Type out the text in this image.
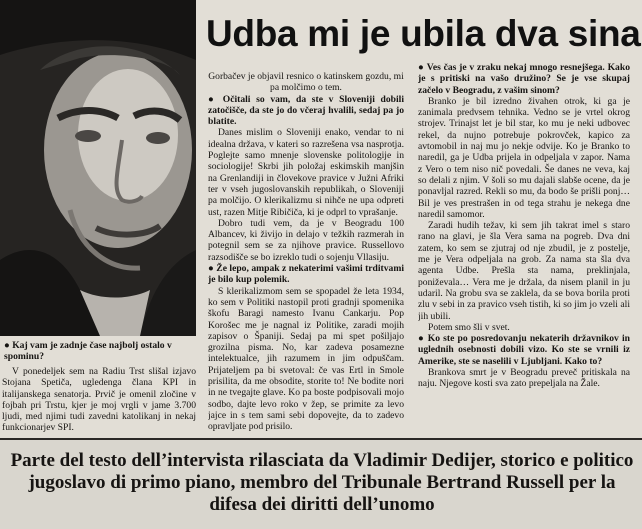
Udba mi je ubila dva sina

Gorbačev je objavil resnico o katinskem gozdu, mi pa molčimo o tem.

● Očitali so vam, da ste v Sloveniji dobili zatočišče, da ste jo do včeraj hvalili, sedaj pa jo blatite.

Danes mislim o Sloveniji enako, vendar to ni idealna država, v kateri so razrešena vsa nasprotja. Poglejte samo mnenje slovenske politologije in sociologije! Skrbi jih položaj eskimskih manjšin na Grenlandiji in človekove pravice v Južni Afriki ter v vseh jugoslovanskih republikah, o Sloveniji pa molčijo. O klerikalizmu si nihče ne upa odpreti ust, razen Mitje Ribičiča, ki je odprl to vprašanje.

Dobro tudi vem, da je v Beogradu 100 Albancev, ki živijo in delajo v težkih razmerah in potegnil sem se za njihove pravice. Russellovo razsodišče se bo izreklo tudi o sojenju Vllasiju.

● Že lepo, ampak z nekaterimi vašimi trditvami je bilo kup polemik.

S klerikalizmom sem se spopadel že leta 1934, ko sem v Politiki nastopil proti gradnji spomenika škofu Baragi namesto Ivanu Cankarju. Pop Korošec me je nagnal iz Politike, zaradi mojih zapisov o Španiji. Sedaj pa mi spet pošiljajo grozilna pisma. No, kar zadeva posamezne intelektualce, jih razumem in jim odpuščam. Prijateljem pa bi svetoval: če vas Ertl in Smole prisilita, da me obsodite, storite to! Ne bodite nori in ne tvegajte glave. Ko pa boste podpisovali mojo sodbo, dajte levo roko v žep, se primite za levo jajce in s tem sami sebi dopovejte, da to zadevo opravljate pod prisilo.

● Ves čas je v zraku nekaj mnogo resnejšega. Kako je s pritiski na vašo družino? Se je vse skupaj začelo v Beogradu, z vašim sinom?

Branko je bil izredno živahen otrok, ki ga je zanimala predvsem tehnika. Vedno se je vrtel okrog strojev. Trinajst let je bil star, ko mu je neki udbovec rekel, da nujno potrebuje pokrovček, kapico za avtomobil in naj mu jo nekje odvije. Ko je Branko to naredil, ga je Udba prijela in odpeljala v zapor. Nama z Vero o tem niso nič povedali. Še danes ne veva, kaj so delali z njim. V šoli so mu dajali slabše ocene, da je ponavljal razred. Rekli so mu, da bodo še prišli ponj… Bil je ves prestrašen in od tega strahu je nekega dne naredil samomor.

Zaradi hudih težav, ki sem jih takrat imel s staro rano na glavi, je šla Vera sama na pogreb. Dva dni zatem, ko sem se zjutraj od nje zbudil, je z postelje, me je Vera odpeljala na grob. Za nama sta šla dva agenta Udbe. Prešla sta nama, preklinjala, poniževala… Vera me je držala, da nisem planil in ju udaril. Na grobu sva se zaklela, da se bova borila proti zlu v sebi in za pravico vseh tistih, ki so jim jo vzeli ali jih ubili.

Potem smo šli v svet.

● Ko ste po posredovanju nekaterih državnikov in uglednih osebnosti dobili vizo. Ko ste se vrnili iz Amerike, ste se naselili v Ljubljani. Kako to?

Brankova smrt je v Beogradu preveč pritiskala na naju. Njegove kosti sva zato prepeljala na Žale.

● Kaj vam je zadnje čase najbolj ostalo v spominu?

V ponedeljek sem na Radiu Trst slišal izjavo Stojana Spetiča, ugledenga člana KPI in italijanskega senatorja. Prvič je omenil zločine v fojbah pri Trstu, kjer je moj vrgli v jame 3.700 ljudi, med njimi tudi zavedni katolikanj in nekaj funkcionarjev SPI.

Parte del testo dell’intervista rilasciata da Vladimir Dedijer, storico e politico jugoslavo di primo piano, membro del Tribunale Bertrand Russell per la difesa dei diritti dell’unomo
